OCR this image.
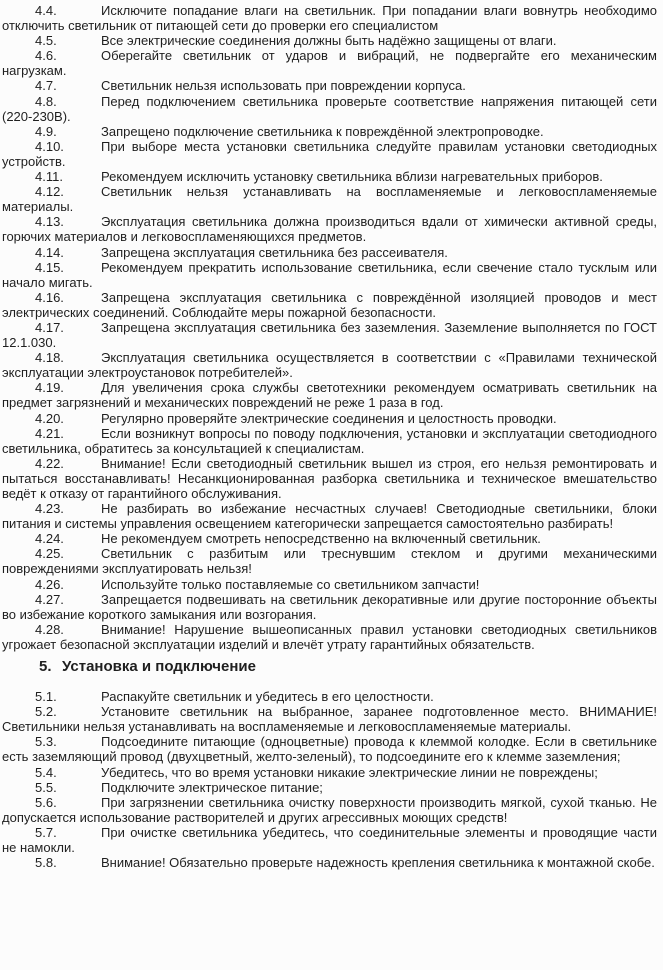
4.4.	Исключите попадание влаги на светильник. При попадании влаги вовнутрь необходимо отключить светильник от питающей сети до проверки его специалистом

4.5.	Все электрические соединения должны быть надёжно защищены от влаги.

4.6.	Оберегайте светильник от ударов и вибраций, не подвергайте его механическим нагрузкам.

4.7.	Светильник нельзя использовать при повреждении корпуса.

4.8.	Перед подключением светильника проверьте соответствие напряжения питающей сети (220-230В).

4.9.	Запрещено подключение светильника к повреждённой электропроводке.

4.10.	При выборе места установки светильника следуйте правилам установки светодиодных устройств.

4.11.	Рекомендуем исключить установку светильника вблизи нагревательных приборов.

4.12.	Светильник нельзя устанавливать на воспламеняемые и легковоспламеняемые материалы.

4.13.	Эксплуатация светильника должна производиться вдали от химически активной среды, горючих материалов и легковоспламеняющихся предметов.

4.14.	Запрещена эксплуатация светильника без рассеивателя.

4.15.	Рекомендуем прекратить использование светильника, если свечение стало тусклым или начало мигать.

4.16.	Запрещена эксплуатация светильника с повреждённой изоляцией проводов и мест электрических соединений. Соблюдайте меры пожарной безопасности.

4.17.	Запрещена эксплуатация светильника без заземления. Заземление выполняется по ГОСТ 12.1.030.

4.18.	Эксплуатация светильника осуществляется в соответствии с «Правилами технической эксплуатации электроустановок потребителей».

4.19.	Для увеличения срока службы светотехники рекомендуем осматривать светильник на предмет загрязнений и механических повреждений не реже 1 раза в год.

4.20.	Регулярно проверяйте электрические соединения и целостность проводки.

4.21.	Если возникнут вопросы по поводу подключения, установки и эксплуатации светодиодного светильника, обратитесь за консультацией к специалистам.

4.22.	Внимание! Если светодиодный светильник вышел из строя, его нельзя ремонтировать и пытаться восстанавливать! Несанкционированная разборка светильника и техническое вмешательство ведёт к отказу от гарантийного обслуживания.

4.23.	Не разбирать во избежание несчастных случаев! Светодиодные светильники, блоки питания и системы управления освещением категорически запрещается самостоятельно разбирать!

4.24.	Не рекомендуем смотреть непосредственно на включенный светильник.

4.25.	Светильник с разбитым или треснувшим стеклом и другими механическими повреждениями эксплуатировать нельзя!

4.26.	Используйте только поставляемые со светильником запчасти!

4.27.	Запрещается подвешивать на светильник декоративные или другие посторонние объекты во избежание короткого замыкания или возгорания.

4.28.	Внимание! Нарушение вышеописанных правил установки светодиодных светильников угрожает безопасной эксплуатации изделий и влечёт утрату гарантийных обязательств.

5. Установка и подключение

5.1.	Распакуйте светильник и убедитесь в его целостности.

5.2.	Установите светильник на выбранное, заранее подготовленное место. ВНИМАНИЕ! Светильники нельзя устанавливать на воспламеняемые и легковоспламеняемые материалы.

5.3.	Подсоедините питающие (одноцветные) провода к клеммой колодке. Если в светильнике есть заземляющий провод (двухцветный, желто-зеленый), то подсоедините его к клемме заземления;

5.4.	Убедитесь, что во время установки никакие электрические линии не повреждены;

5.5.	Подключите электрическое питание;

5.6.	При загрязнении светильника очистку поверхности производить мягкой, сухой тканью. Не допускается использование растворителей и других агрессивных моющих средств!

5.7.	При очистке светильника убедитесь, что соединительные элементы и проводящие части не намокли.

5.8.	Внимание! Обязательно проверьте надежность крепления светильника к монтажной скобе.
